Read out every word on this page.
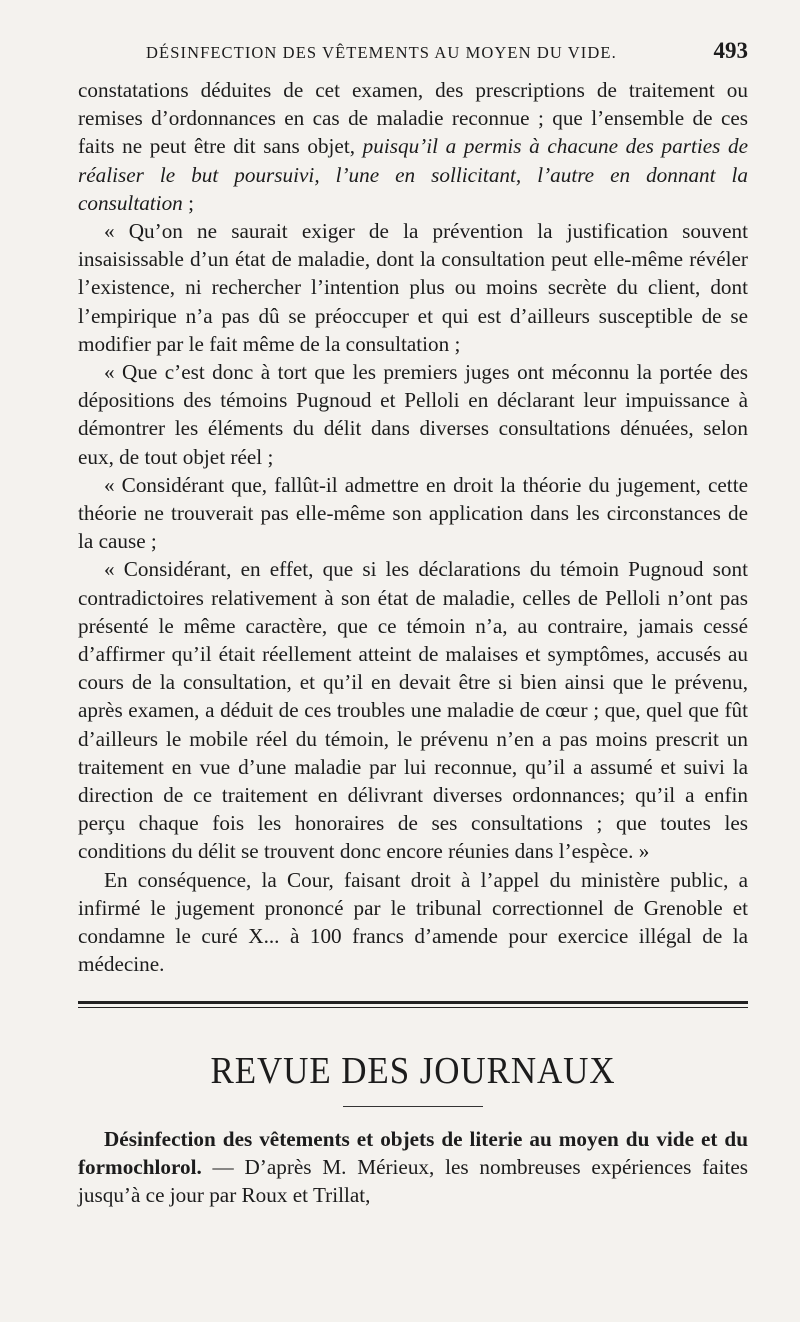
DÉSINFECTION DES VÊTEMENTS AU MOYEN DU VIDE.	493

constatations déduites de cet examen, des prescriptions de traitement ou remises d’ordonnances en cas de maladie reconnue ; que l’ensemble de ces faits ne peut être dit sans objet, puisqu’il a permis à chacune des parties de réaliser le but poursuivi, l’une en sollicitant, l’autre en donnant la consultation ;

« Qu’on ne saurait exiger de la prévention la justification souvent insaisissable d’un état de maladie, dont la consultation peut elle-même révéler l’existence, ni rechercher l’intention plus ou moins secrète du client, dont l’empirique n’a pas dû se préoccuper et qui est d’ailleurs susceptible de se modifier par le fait même de la consultation ;

« Que c’est donc à tort que les premiers juges ont méconnu la portée des dépositions des témoins Pugnoud et Pelloli en déclarant leur impuissance à démontrer les éléments du délit dans diverses consultations dénuées, selon eux, de tout objet réel ;

« Considérant que, fallût-il admettre en droit la théorie du jugement, cette théorie ne trouverait pas elle-même son application dans les circonstances de la cause ;

« Considérant, en effet, que si les déclarations du témoin Pugnoud sont contradictoires relativement à son état de maladie, celles de Pelloli n’ont pas présenté le même caractère, que ce témoin n’a, au contraire, jamais cessé d’affirmer qu’il était réellement atteint de malaises et symptômes, accusés au cours de la consultation, et qu’il en devait être si bien ainsi que le prévenu, après examen, a déduit de ces troubles une maladie de cœur ; que, quel que fût d’ailleurs le mobile réel du témoin, le prévenu n’en a pas moins prescrit un traitement en vue d’une maladie par lui reconnue, qu’il a assumé et suivi la direction de ce traitement en délivrant diverses ordonnances; qu’il a enfin perçu chaque fois les honoraires de ses consultations ; que toutes les conditions du délit se trouvent donc encore réunies dans l’espèce. »

En conséquence, la Cour, faisant droit à l’appel du ministère public, a infirmé le jugement prononcé par le tribunal correctionnel de Grenoble et condamne le curé X... à 100 francs d’amende pour exercice illégal de la médecine.

REVUE DES JOURNAUX

Désinfection des vêtements et objets de literie au moyen du vide et du formochlorol. — D’après M. Mérieux, les nombreuses expériences faites jusqu’à ce jour par Roux et Trillat,
